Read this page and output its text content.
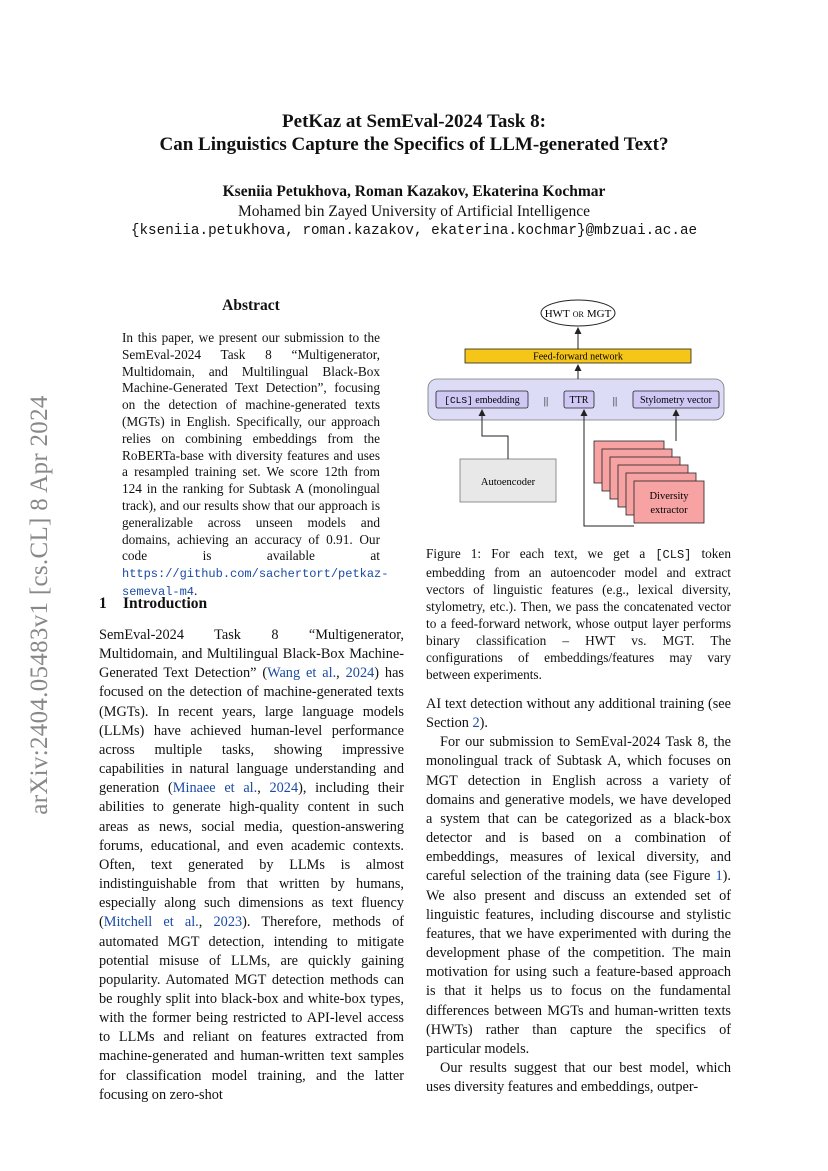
arXiv:2404.05483v1 [cs.CL] 8 Apr 2024
PetKaz at SemEval-2024 Task 8:
Can Linguistics Capture the Specifics of LLM-generated Text?
Kseniia Petukhova, Roman Kazakov, Ekaterina Kochmar
Mohamed bin Zayed University of Artificial Intelligence
{kseniia.petukhova, roman.kazakov, ekaterina.kochmar}@mbzuai.ac.ae
Abstract
In this paper, we present our submission to the SemEval-2024 Task 8 “Multigenerator, Multidomain, and Multilingual Black-Box Machine-Generated Text Detection”, focusing on the detection of machine-generated texts (MGTs) in English. Specifically, our approach relies on combining embeddings from the RoBERTa-base with diversity features and uses a resampled training set. We score 12th from 124 in the ranking for Subtask A (monolingual track), and our results show that our approach is generalizable across unseen models and domains, achieving an accuracy of 0.91. Our code is available at https://github.com/sachertort/petkaz-semeval-m4.
1 Introduction

SemEval-2024 Task 8 “Multigenerator, Multidomain, and Multilingual Black-Box Machine-Generated Text Detection” (Wang et al., 2024) has focused on the detection of machine-generated texts (MGTs). In recent years, large language models (LLMs) have achieved human-level performance across multiple tasks, showing impressive capabilities in natural language understanding and generation (Minaee et al., 2024), including their abilities to generate high-quality content in such areas as news, social media, question-answering forums, educational, and even academic contexts. Often, text generated by LLMs is almost indistinguishable from that written by humans, especially along such dimensions as text fluency (Mitchell et al., 2023). Therefore, methods of automated MGT detection, intending to mitigate potential misuse of LLMs, are quickly gaining popularity. Automated MGT detection methods can be roughly split into black-box and white-box types, with the former being restricted to API-level access to LLMs and reliant on features extracted from machine-generated and human-written text samples for classification model training, and the latter focusing on zero-shot

HWT OR MGT
Feed-forward network
[CLS] embedding || TTR || Stylometry vector
Autoencoder
Diversity
extractor
Figure 1: For each text, we get a [CLS] token embedding from an autoencoder model and extract vectors of linguistic features (e.g., lexical diversity, stylometry, etc.). Then, we pass the concatenated vector to a feed-forward network, whose output layer performs binary classification – HWT vs. MGT. The configurations of embeddings/features may vary between experiments.

AI text detection without any additional training (see Section 2).

For our submission to SemEval-2024 Task 8, the monolingual track of Subtask A, which focuses on MGT detection in English across a variety of domains and generative models, we have developed a system that can be categorized as a black-box detector and is based on a combination of embeddings, measures of lexical diversity, and careful selection of the training data (see Figure 1). We also present and discuss an extended set of linguistic features, including discourse and stylistic features, that we have experimented with during the development phase of the competition. The main motivation for using such a feature-based approach is that it helps us to focus on the fundamental differences between MGTs and human-written texts (HWTs) rather than capture the specifics of particular models.

Our results suggest that our best model, which uses diversity features and embeddings, outper-
